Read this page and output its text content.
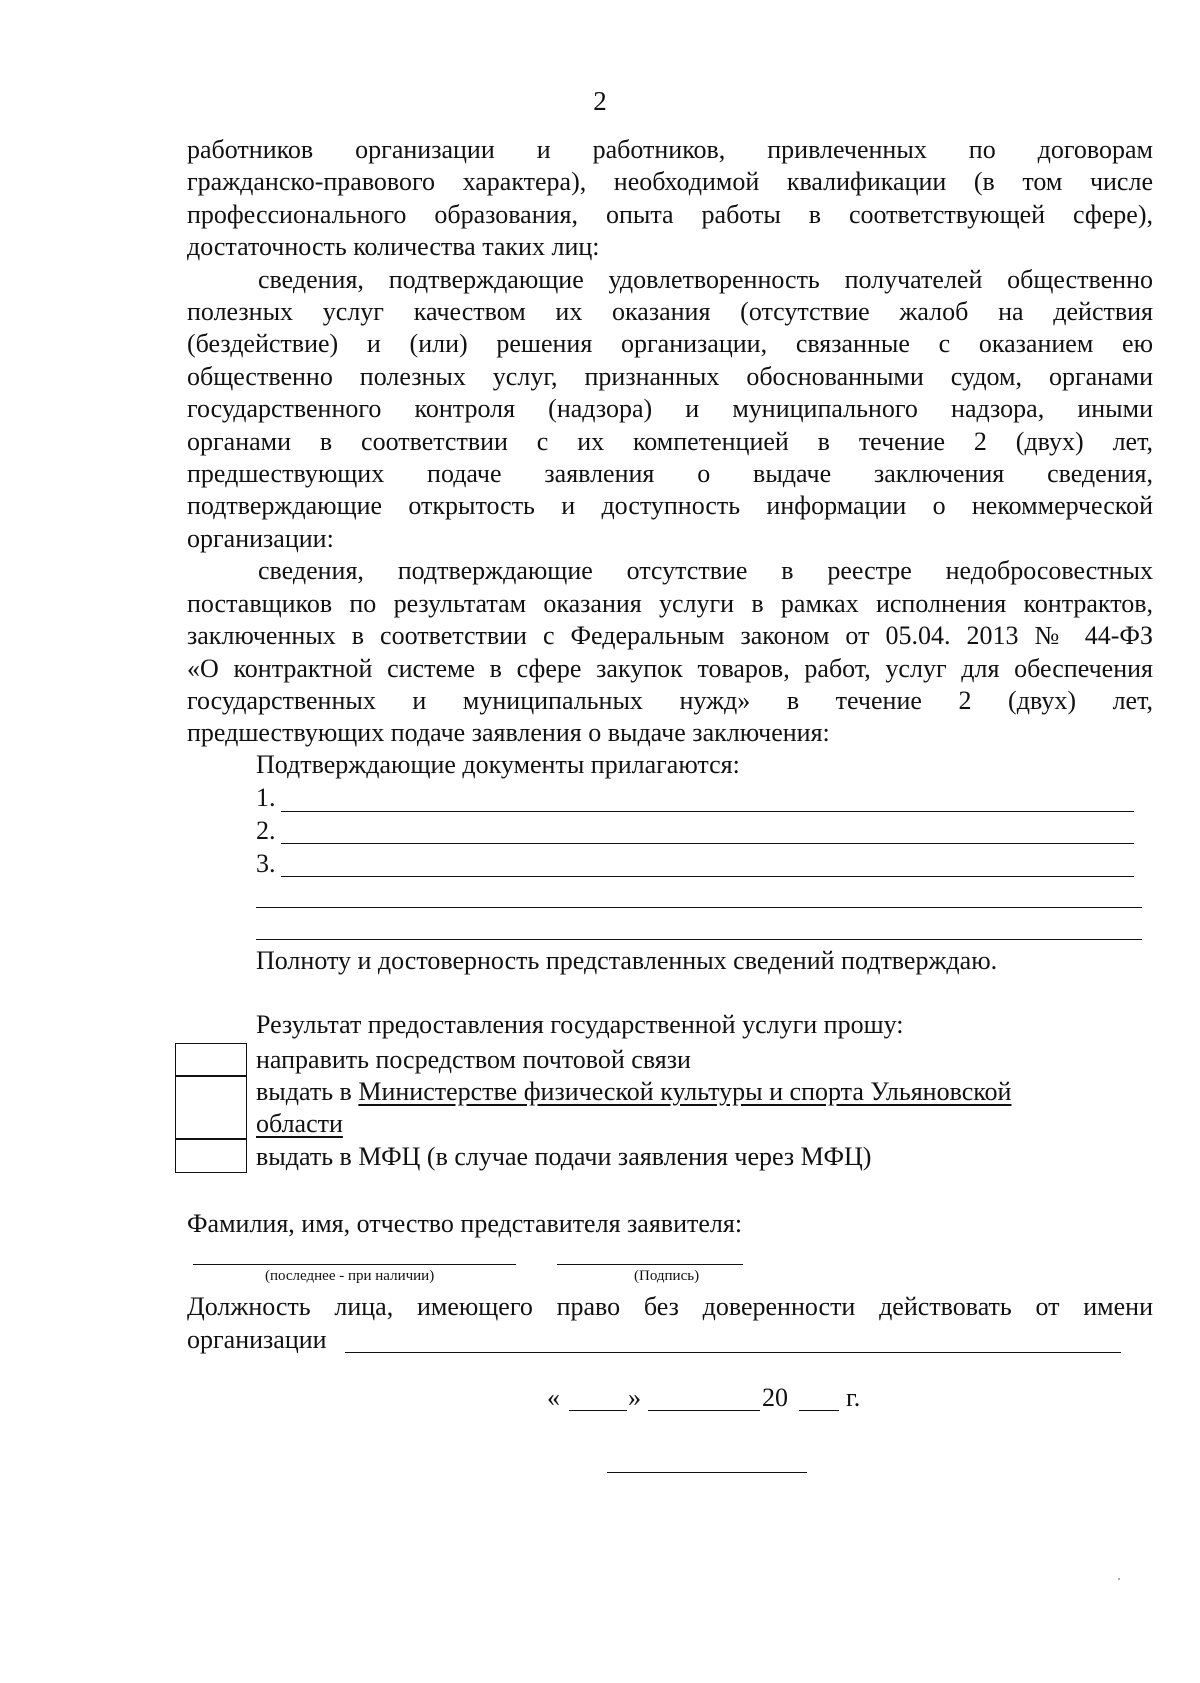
2
работников организации и работников, привлеченных по договорам
гражданско-правового характера), необходимой квалификации (в том числе
профессионального образования, опыта работы в соответствующей сфере),
достаточность количества таких лиц:
сведения, подтверждающие удовлетворенность получателей общественно
полезных услуг качеством их оказания (отсутствие жалоб на действия
(бездействие) и (или) решения организации, связанные с оказанием ею
общественно полезных услуг, признанных обоснованными судом, органами
государственного контроля (надзора) и муниципального надзора, иными
органами в соответствии с их компетенцией в течение 2 (двух) лет,
предшествующих подаче заявления о выдаче заключения сведения,
подтверждающие открытость и доступность информации о некоммерческой
организации:
сведения, подтверждающие отсутствие в реестре недобросовестных
поставщиков по результатам оказания услуги в рамках исполнения контрактов,
заключенных в соответствии с Федеральным законом от 05.04. 2013 № 44-ФЗ
«О контрактной системе в сфере закупок товаров, работ, услуг для обеспечения
государственных и муниципальных нужд» в течение 2 (двух) лет,
предшествующих подаче заявления о выдаче заключения:
Подтверждающие документы прилагаются:
1.
2.
3.
Полноту и достоверность представленных сведений подтверждаю.
Результат предоставления государственной услуги прошу:
направить посредством почтовой связи
выдать в Министерстве физической культуры и спорта Ульяновской
области
выдать в МФЦ (в случае подачи заявления через МФЦ)
Фамилия, имя, отчество представителя заявителя:
(последнее - при наличии)	(Подпись)
Должность лица, имеющего право без доверенности действовать от имени
организации
«	»	20 г.
